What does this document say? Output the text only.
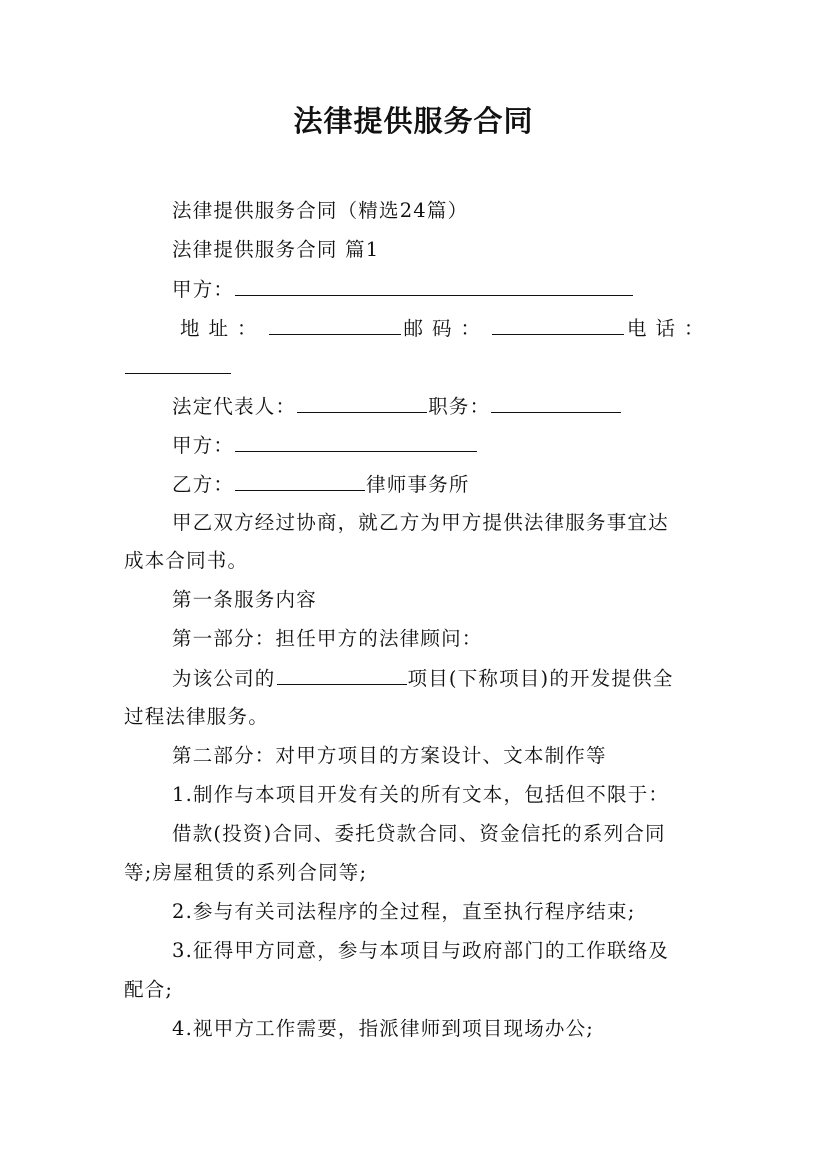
法律提供服务合同
法律提供服务合同（精选24篇）
法律提供服务合同 篇1
甲方：
地址：	邮码：	电话：
法定代表人：	职务：
甲方：
乙方：	律师事务所
甲乙双方经过协商，就乙方为甲方提供法律服务事宜达
成本合同书。
第一条服务内容
第一部分：担任甲方的法律顾问：
为该公司的	项目(下称项目)的开发提供全
过程法律服务。
第二部分：对甲方项目的方案设计、文本制作等
1.制作与本项目开发有关的所有文本，包括但不限于：
借款(投资)合同、委托贷款合同、资金信托的系列合同
等;房屋租赁的系列合同等;
2.参与有关司法程序的全过程，直至执行程序结束;
3.征得甲方同意，参与本项目与政府部门的工作联络及
配合;
4.视甲方工作需要，指派律师到项目现场办公;
